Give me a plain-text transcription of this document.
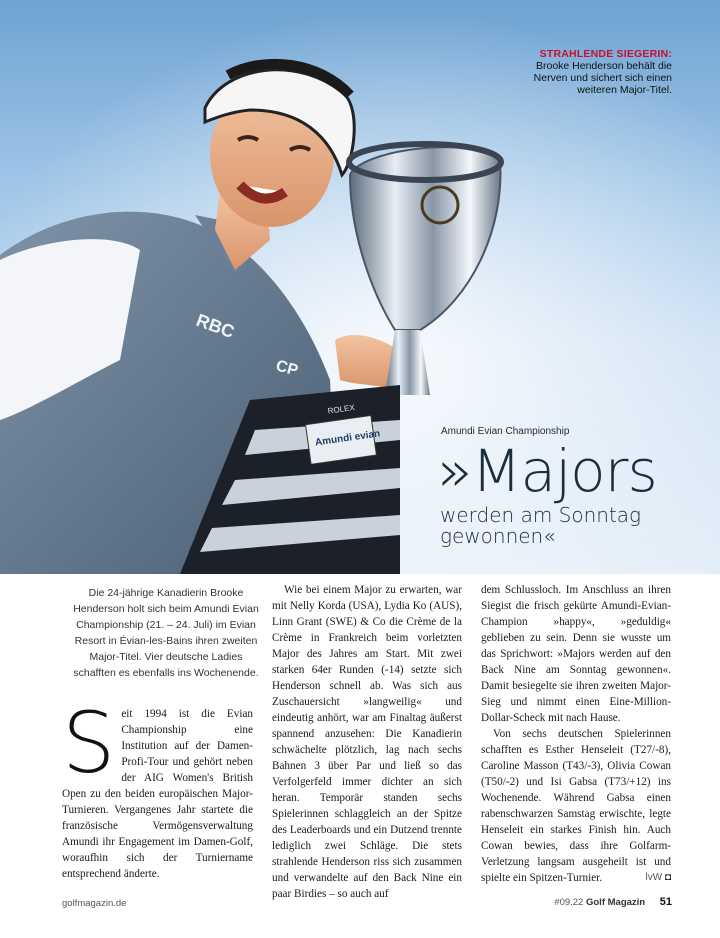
Amundi evian
ROLEX
RBC
CP
STRAHLENDE SIEGERIN:
Brooke Henderson behält die Nerven und sichert sich einen weiteren Major-Titel.
Amundi Evian Championship
»Majors
werden am Sonntag gewonnen«
Die 24-jährige Kanadierin Brooke Henderson holt sich beim Amundi Evian Championship (21. – 24. Juli) im Evian Resort in Évian-les-Bains ihren zweiten Major-Titel. Vier deutsche Ladies schafften es ebenfalls ins Wochenende.

Seit 1994 ist die Evian Championship eine Institution auf der Damen-Profi-Tour und gehört neben der AIG Women's British Open zu den beiden europäischen Major-Turnieren. Vergangenes Jahr startete die französische Vermögensverwaltung Amundi ihr Engagement im Damen-Golf, woraufhin sich der Turniername entsprechend änderte.

Wie bei einem Major zu erwarten, war mit Nelly Korda (USA), Lydia Ko (AUS), Linn Grant (SWE) & Co die Crème de la Crème in Frankreich beim vorletzten Major des Jahres am Start. Mit zwei starken 64er Runden (-14) setzte sich Henderson schnell ab. Was sich aus Zuschauersicht »langweilig« und eindeutig anhört, war am Finaltag äußerst spannend anzusehen: Die Kanadierin schwächelte plötzlich, lag nach sechs Bahnen 3 über Par und ließ so das Verfolgerfeld immer dichter an sich heran. Temporär standen sechs Spielerinnen schlaggleich an der Spitze des Leaderboards und ein Dutzend trennte lediglich zwei Schläge. Die stets strahlende Henderson riss sich zusammen und verwandelte auf den Back Nine ein paar Birdies – so auch auf

dem Schlussloch. Im Anschluss an ihren Siegist die frisch gekürte Amundi-Evian-Champion »happy«, »geduldig« geblieben zu sein. Denn sie wusste um das Sprichwort: »Majors werden auf den Back Nine am Sonntag gewonnen«. Damit besiegelte sie ihren zweiten Major-Sieg und nimmt einen Eine-Million-Dollar-Scheck mit nach Hause.

Von sechs deutschen Spielerinnen schafften es Esther Henseleit (T27/-8), Caroline Masson (T43/-3), Olivia Cowan (T50/-2) und Isi Gabsa (T73/+12) ins Wochenende. Während Gabsa einen rabenschwarzen Samstag erwischte, legte Henseleit ein starkes Finish hin. Auch Cowan bewies, dass ihre Golfarm-Verletzung langsam ausgeheilt ist und spielte ein Spitzen-Turnier.	lvW ◘

golfmagazin.de	#09.22 Golf Magazin 51
